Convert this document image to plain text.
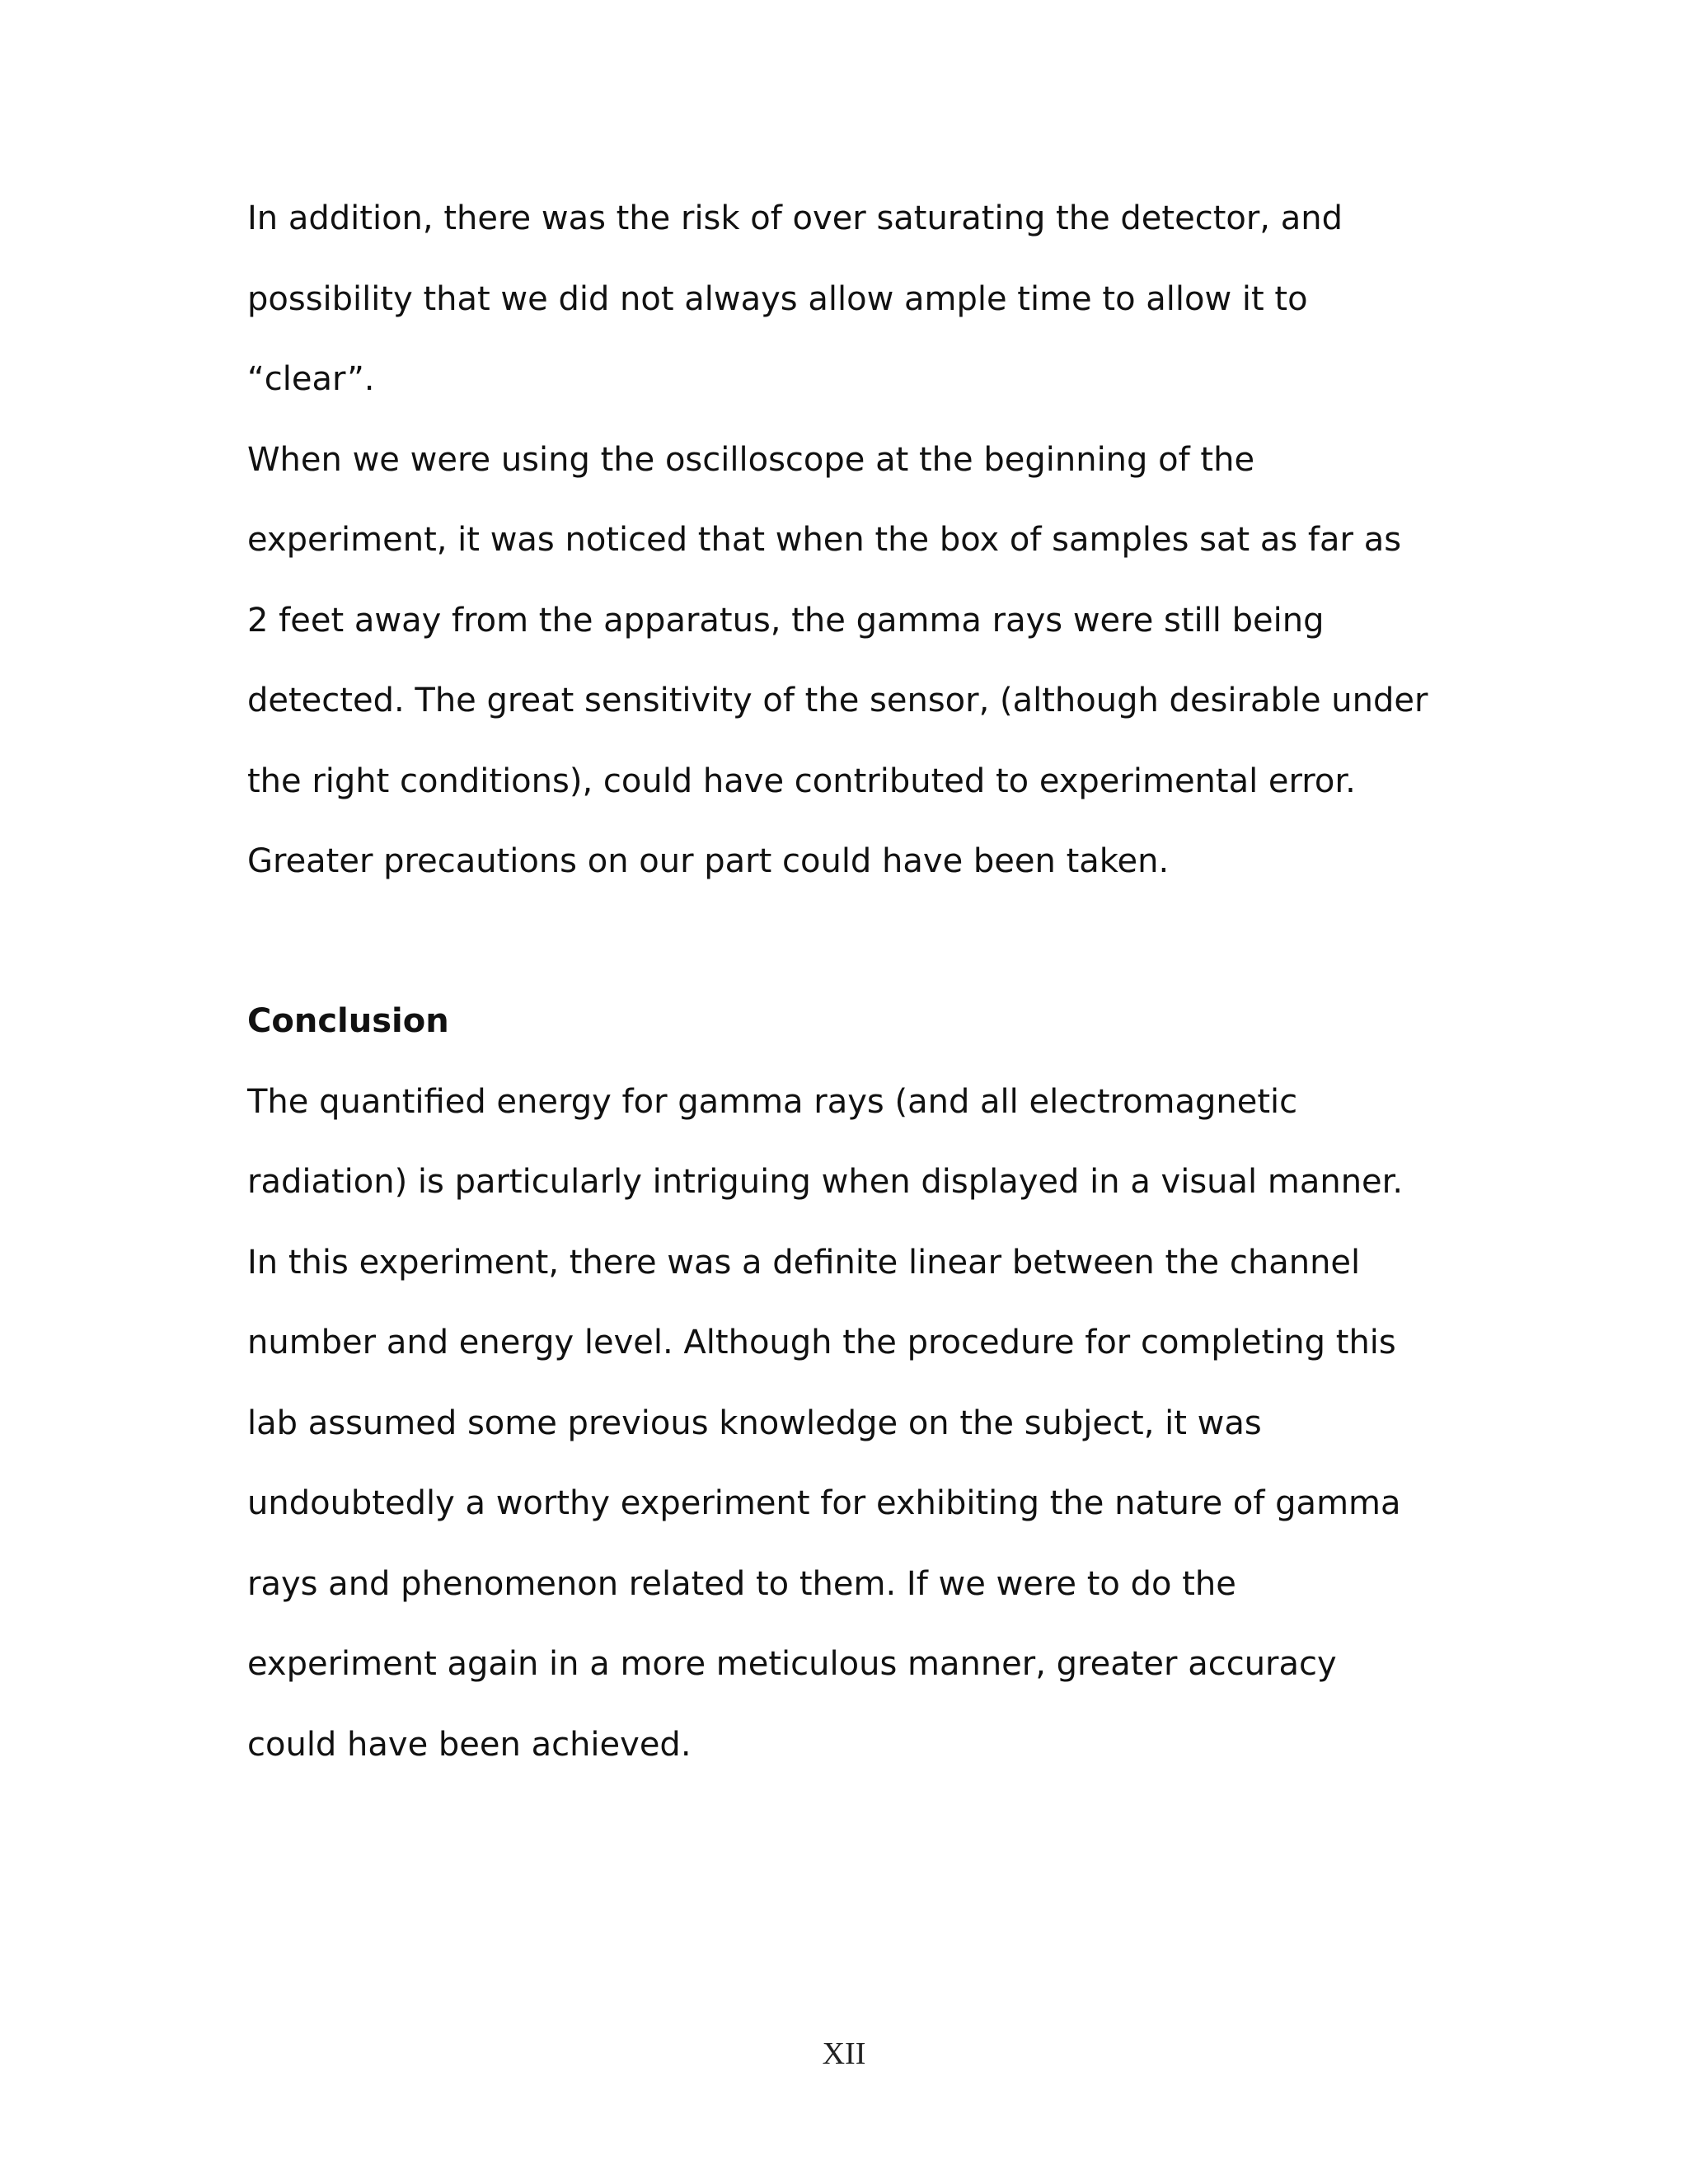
In addition, there was the risk of over saturating the detector, and
possibility that we did not always allow ample time to allow it to
“clear”.
When we were using the oscilloscope at the beginning of the
experiment, it was noticed that when the box of samples sat as far as
2 feet away from the apparatus, the gamma rays were still being
detected. The great sensitivity of the sensor, (although desirable under
the right conditions), could have contributed to experimental error.
Greater precautions on our part could have been taken.
Conclusion
The quantified energy for gamma rays (and all electromagnetic
radiation) is particularly intriguing when displayed in a visual manner.
In this experiment, there was a definite linear between the channel
number and energy level. Although the procedure for completing this
lab assumed some previous knowledge on the subject, it was
undoubtedly a worthy experiment for exhibiting the nature of gamma
rays and phenomenon related to them. If we were to do the
experiment again in a more meticulous manner, greater accuracy
could have been achieved.
XII
